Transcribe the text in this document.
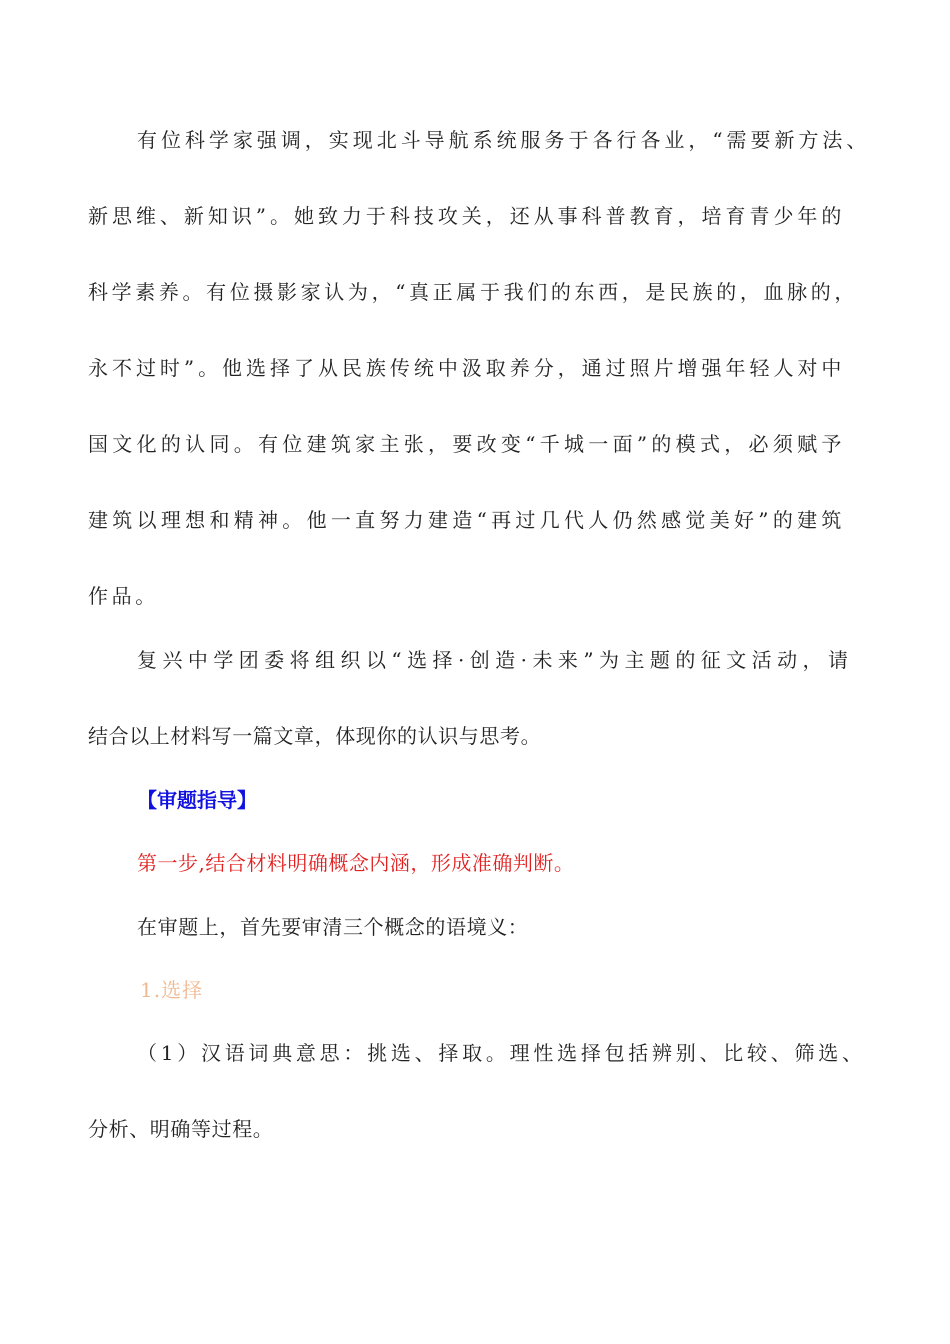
有位科学家强调，实现北斗导航系统服务于各行各业，“需要新方法、
新思维、新知识”。她致力于科技攻关，还从事科普教育，培育青少年的
科学素养。有位摄影家认为，“真正属于我们的东西，是民族的，血脉的，
永不过时”。他选择了从民族传统中汲取养分，通过照片增强年轻人对中
国文化的认同。有位建筑家主张，要改变“千城一面”的模式，必须赋予
建筑以理想和精神。他一直努力建造“再过几代人仍然感觉美好”的建筑
作品。
复兴中学团委将组织以“选择·创造·未来”为主题的征文活动，请
结合以上材料写一篇文章，体现你的认识与思考。
【审题指导】
第一步,结合材料明确概念内涵，形成准确判断。
在审题上，首先要审清三个概念的语境义：
1.选择
（1）汉语词典意思：挑选、择取。理性选择包括辨别、比较、筛选、
分析、明确等过程。
